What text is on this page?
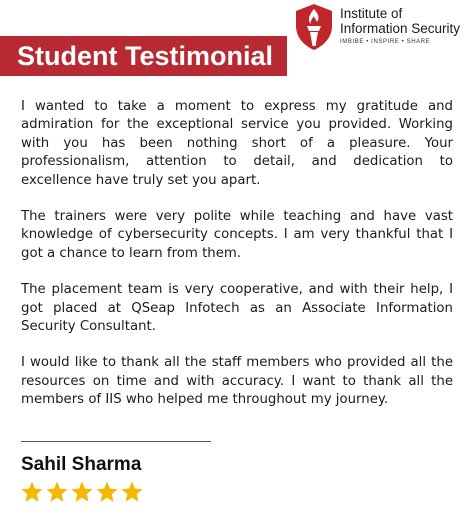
Institute of
Information Security
IMBIBE • INSPIRE • SHARE
Student Testimonial

I wanted to take a moment to express my gratitude and admiration for the exceptional service you provided. Working with you has been nothing short of a pleasure. Your professionalism, attention to detail, and dedication to excellence have truly set you apart.

The trainers were very polite while teaching and have vast knowledge of cybersecurity concepts. I am very thankful that I got a chance to learn from them.

The placement team is very cooperative, and with their help, I got placed at QSeap Infotech as an Associate Information Security Consultant.

I would like to thank all the staff members who provided all the resources on time and with accuracy. I want to thank all the members of IIS who helped me throughout my journey.

Sahil Sharma
